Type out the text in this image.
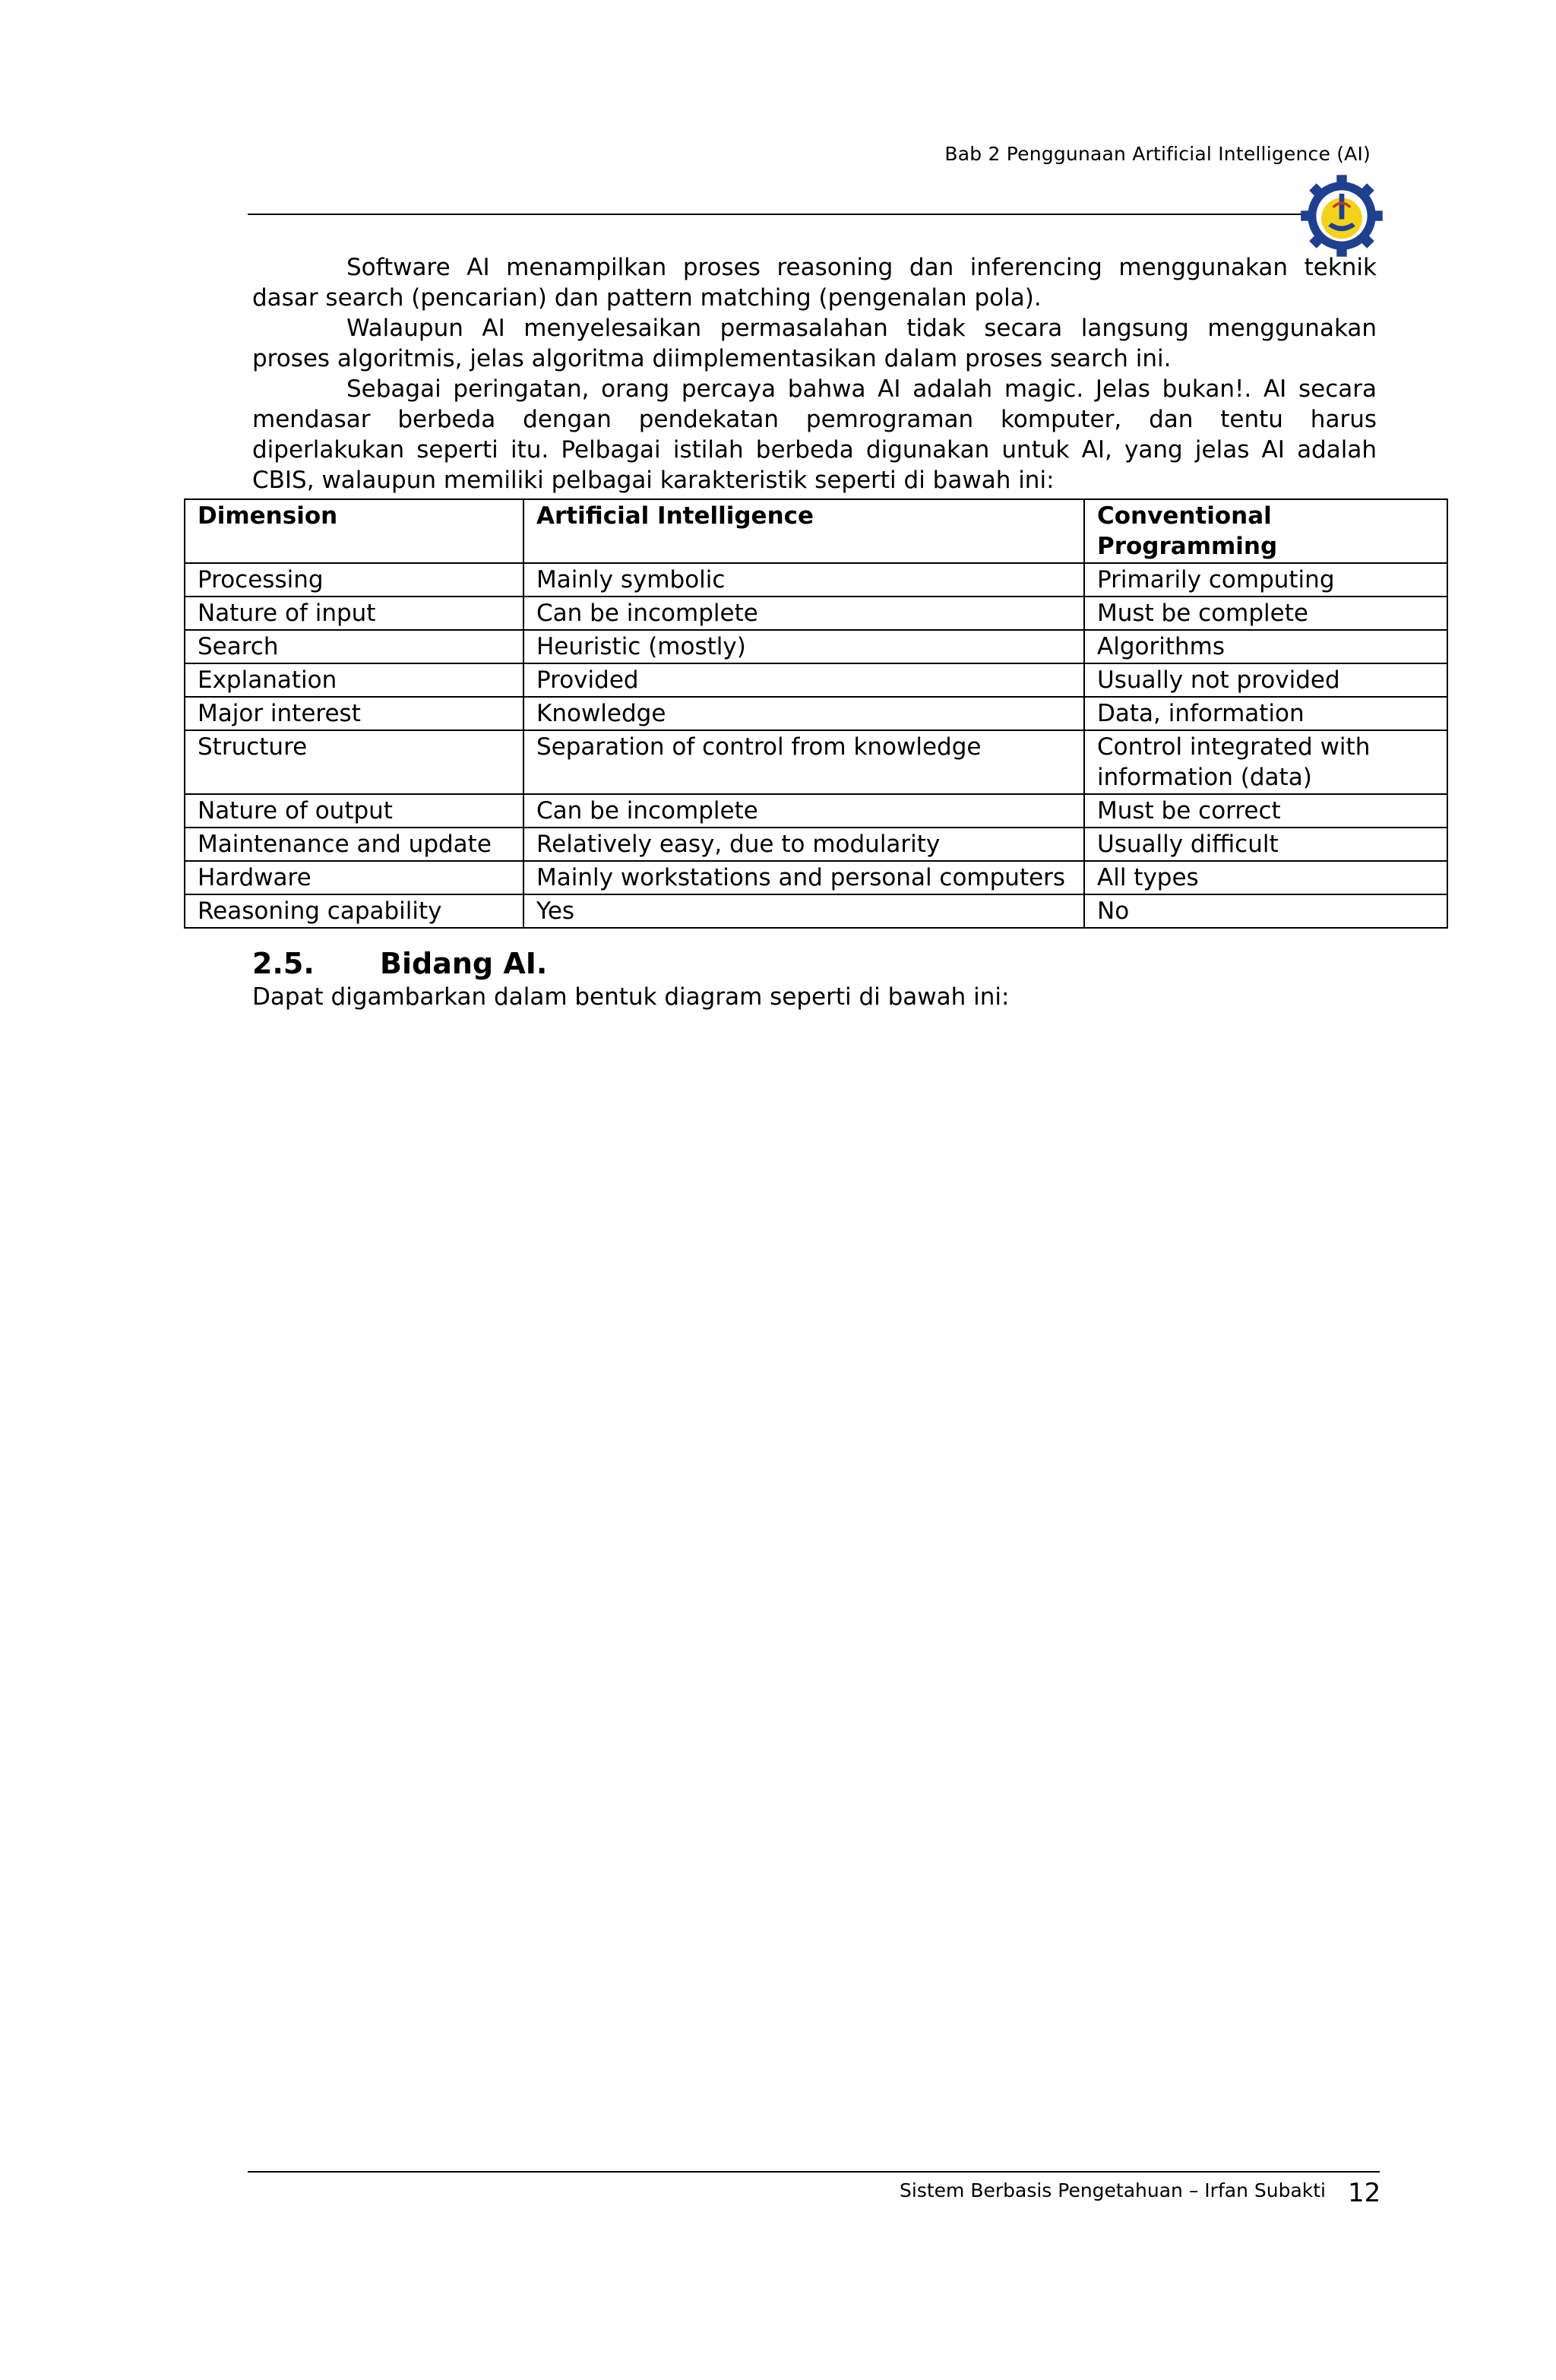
Bab 2 Penggunaan Artificial Intelligence (AI)

Software AI menampilkan proses reasoning dan inferencing menggunakan teknik dasar search (pencarian) dan pattern matching (pengenalan pola).

Walaupun AI menyelesaikan permasalahan tidak secara langsung menggunakan proses algoritmis, jelas algoritma diimplementasikan dalam proses search ini.

Sebagai peringatan, orang percaya bahwa AI adalah magic. Jelas bukan!. AI secara mendasar berbeda dengan pendekatan pemrograman komputer, dan tentu harus diperlakukan seperti itu. Pelbagai istilah berbeda digunakan untuk AI, yang jelas AI adalah CBIS, walaupun memiliki pelbagai karakteristik seperti di bawah ini:

Dimension	Artificial Intelligence	Conventional Programming
Processing	Mainly symbolic	Primarily computing
Nature of input	Can be incomplete	Must be complete
Search	Heuristic (mostly)	Algorithms
Explanation	Provided	Usually not provided
Major interest	Knowledge	Data, information
Structure	Separation of control from knowledge	Control integrated with information (data)
Nature of output	Can be incomplete	Must be correct
Maintenance and update	Relatively easy, due to modularity	Usually difficult
Hardware	Mainly workstations and personal computers	All types
Reasoning capability	Yes	No
2.5. Bidang AI.
Dapat digambarkan dalam bentuk diagram seperti di bawah ini:
Sistem Berbasis Pengetahuan – Irfan Subakti 12
